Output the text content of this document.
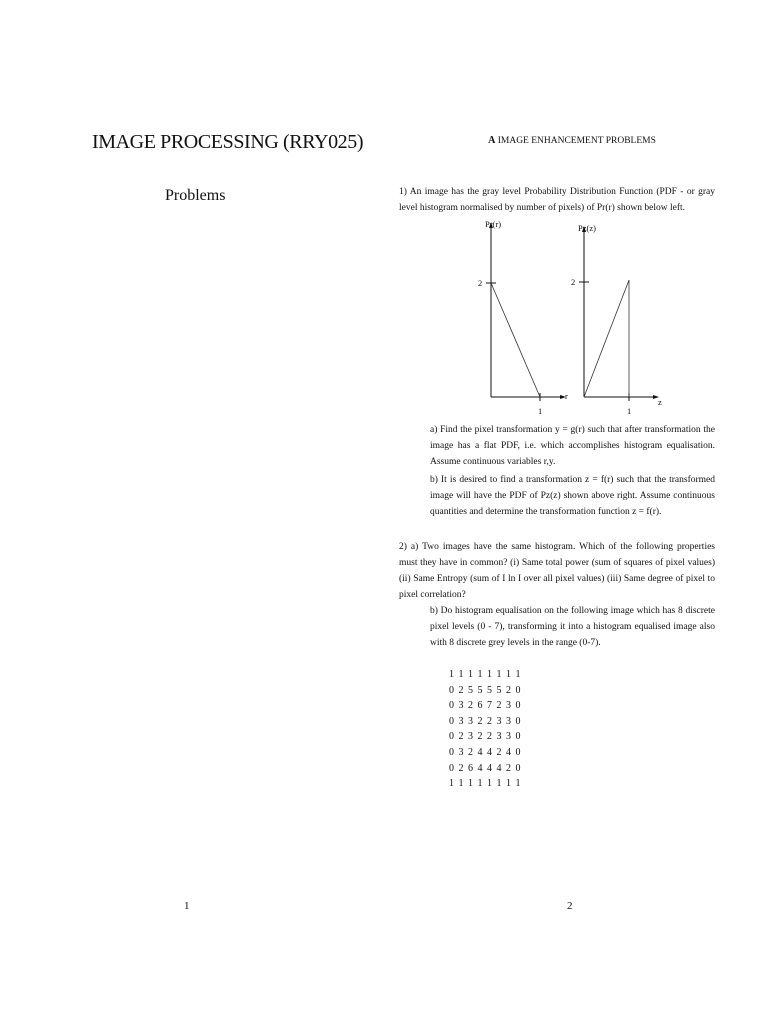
IMAGE PROCESSING (RRY025)
Problems
1
A IMAGE ENHANCEMENT PROBLEMS
1) An image has the gray level Probability Distribution Function (PDF - or gray level histogram normalised by number of pixels) of Pr(r) shown below left.
Pr(r)
2
1
r
Pz(z)
2
1
z
a) Find the pixel transformation y = g(r) such that after transformation the image has a flat PDF, i.e. which accomplishes histogram equalisation. Assume continuous variables r,y.
b) It is desired to find a transformation z = f(r) such that the transformed image will have the PDF of Pz(z) shown above right. Assume continuous quantities and determine the transformation function z = f(r).
2) a) Two images have the same histogram. Which of the following properties must they have in common? (i) Same total power (sum of squares of pixel values) (ii) Same Entropy (sum of I ln I over all pixel values) (iii) Same degree of pixel to pixel correlation?
b) Do histogram equalisation on the following image which has 8 discrete pixel levels (0 - 7), transforming it into a histogram equalised image also with 8 discrete grey levels in the range (0-7).
1 1 1 1 1 1 1 1
0 2 5 5 5 5 2 0
0 3 2 6 7 2 3 0
0 3 3 2 2 3 3 0
0 2 3 2 2 3 3 0
0 3 2 4 4 2 4 0
0 2 6 4 4 4 2 0
1 1 1 1 1 1 1 1
2
